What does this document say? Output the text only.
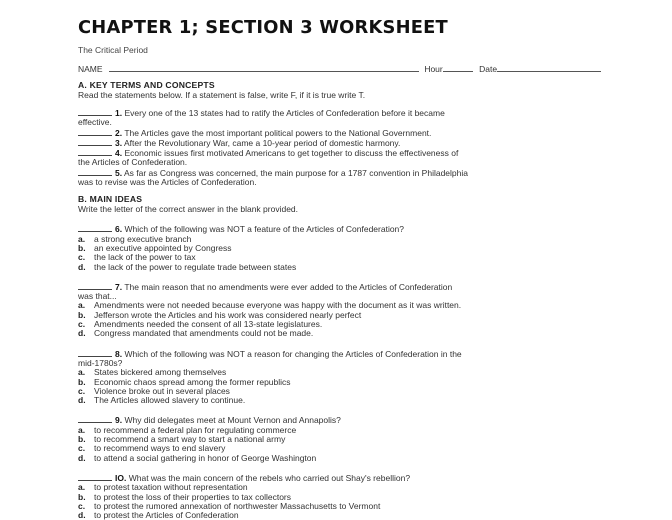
CHAPTER 1; SECTION 3 WORKSHEET
The Critical Period
NAME	Hour	Date
A. KEY TERMS AND CONCEPTS
Read the statements below. If a statement is false, write F, if it is true write T.
1. Every one of the 13 states had to ratify the Articles of Confederation before it became
effective.
2. The Articles gave the most important political powers to the National Government.
3. After the Revolutionary War, came a 10-year period of domestic harmony.
4. Economic issues first motivated Americans to get together to discuss the effectiveness of
the Articles of Confederation.
5. As far as Congress was concerned, the main purpose for a 1787 convention in Philadelphia
was to revise was the Articles of Confederation.
B. MAIN IDEAS
Write the letter of the correct answer in the blank provided.
6. Which of the following was NOT a feature of the Articles of Confederation?
a.	a strong executive branch
b. an executive appointed by Congress
c.	the lack of the power to tax
d. the lack of the power to regulate trade between states
7. The main reason that no amendments were ever added to the Articles of Confederation
was that...
a.	Amendments were not needed because everyone was happy with the document as it was written.
b. Jefferson wrote the Articles and his work was considered nearly perfect
c.	Amendments needed the consent of all 13-state legislatures.
d. Congress mandated that amendments could not be made.
8. Which of the following was NOT a reason for changing the Articles of Confederation in the
mid-1780s?
a.	States bickered among themselves
b. Economic chaos spread among the former republics
c.	Violence broke out in several places
d. The Articles allowed slavery to continue.
9. Why did delegates meet at Mount Vernon and Annapolis?
a.	to recommend a federal plan for regulating commerce
b. to recommend a smart way to start a national army
c.	to recommend ways to end slavery
d. to attend a social gathering in honor of George Washington
IO. What was the main concern of the rebels who carried out Shay's rebellion?
a.	to protest taxation without representation
b. to protest the loss of their properties to tax collectors
c.	to protest the rumored annexation of northwester Massachusetts to Vermont
d. to protest the Articles of Confederation
